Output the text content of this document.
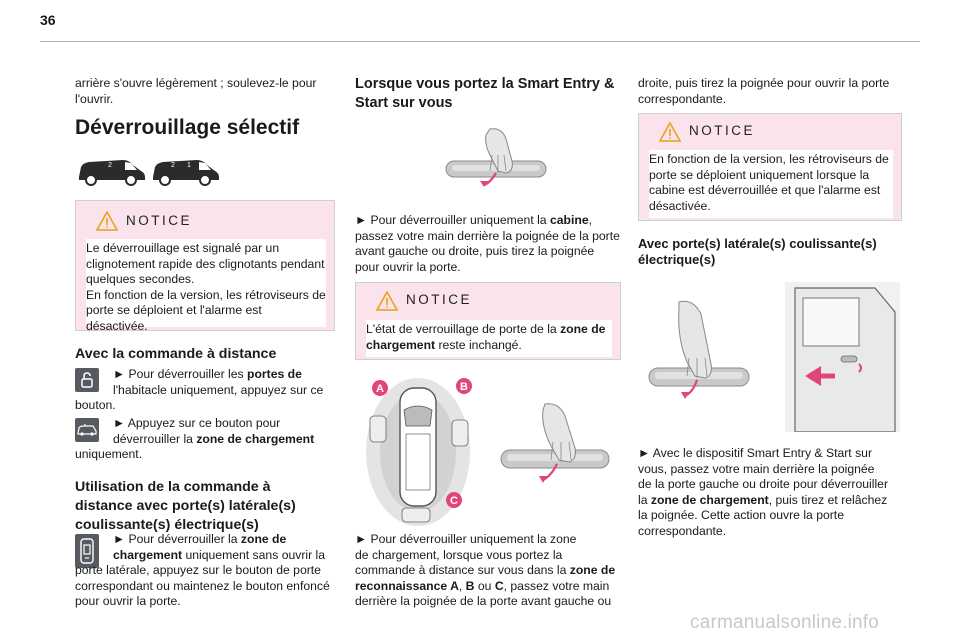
36

arrière s'ouvre légèrement ; soulevez-le pour
l'ouvrir.

Déverrouillage sélectif
2	2 1
NOTICE
Le déverrouillage est signalé par un
clignotement rapide des clignotants pendant
quelques secondes.
En fonction de la version, les rétroviseurs de
porte se déploient et l'alarme est désactivée.
Avec la commande à distance
► Pour déverrouiller les portes de
l'habitacle uniquement, appuyez sur ce
bouton.
► Appuyez sur ce bouton pour
déverrouiller la zone de chargement
uniquement.
Utilisation de la commande à
distance avec porte(s) latérale(s)
coulissante(s) électrique(s)
► Pour déverrouiller la zone de
chargement uniquement sans ouvrir la
porte latérale, appuyez sur le bouton de porte
correspondant ou maintenez le bouton enfoncé
pour ouvrir la porte.
Lorsque vous portez la Smart Entry &
Start sur vous
► Pour déverrouiller uniquement la cabine,
passez votre main derrière la poignée de la porte
avant gauche ou droite, puis tirez la poignée
pour ouvrir la porte.
NOTICE
L'état de verrouillage de porte de la zone de
chargement reste inchangé.
A	B
C
► Pour déverrouiller uniquement la zone
de chargement, lorsque vous portez la
commande à distance sur vous dans la zone de
reconnaissance A, B ou C, passez votre main
derrière la poignée de la porte avant gauche ou
droite, puis tirez la poignée pour ouvrir la porte
correspondante.
NOTICE
En fonction de la version, les rétroviseurs de
porte se déploient uniquement lorsque la
cabine est déverrouillée et que l'alarme est
désactivée.
Avec porte(s) latérale(s) coulissante(s)
électrique(s)
► Avec le dispositif Smart Entry & Start sur
vous, passez votre main derrière la poignée
de la porte gauche ou droite pour déverrouiller
la zone de chargement, puis tirez et relâchez
la poignée. Cette action ouvre la porte
correspondante.
carmanualsonline.info
